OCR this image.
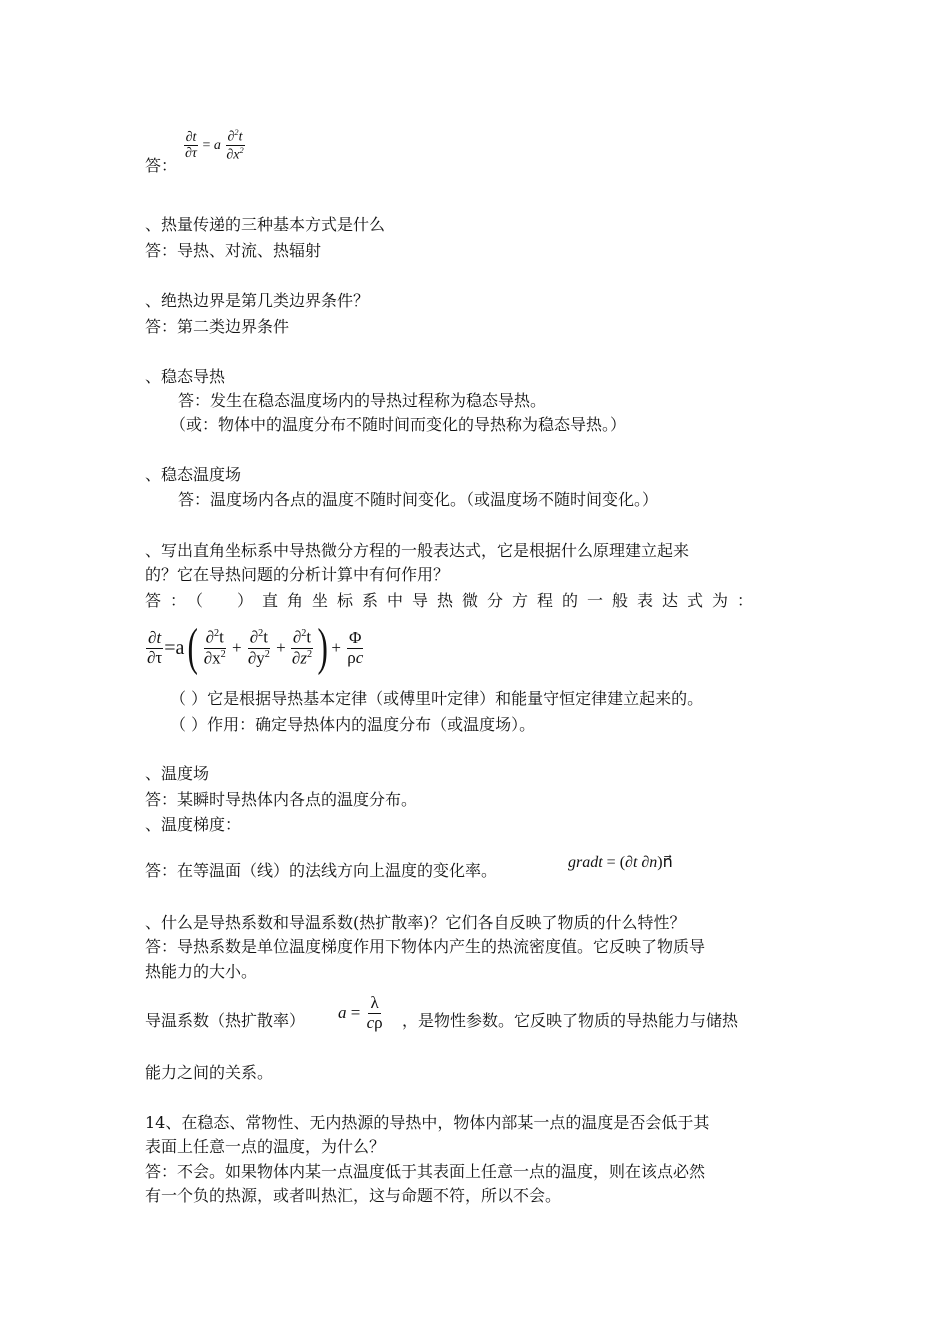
答：
$\frac{\partial t}{\partial\tau} = a \frac{\partial^2t}{\partial x^2}$
、热量传递的三种基本方式是什么
答：导热、对流、热辐射
、绝热边界是第几类边界条件？
答：第二类边界条件
、稳态导热
答：发生在稳态温度场内的导热过程称为稳态导热。
（或：物体中的温度分布不随时间而变化的导热称为稳态导热。）
、稳态温度场
答：温度场内各点的温度不随时间变化。（或温度场不随时间变化。）
、写出直角坐标系中导热微分方程的一般表达式，它是根据什么原理建立起来
的？它在导热问题的分析计算中有何作用？
答：（　）直角坐标系中导热微分方程的一般表达式为：
$\frac{\partial t}{\partial\tau} =a( \frac{\partial^2t}{\partial x^2} + \frac{\partial^2t}{\partial y^2} + \frac{\partial^2t}{\partial z^2}$ ) + $\frac{\Phi}{\rho c}$
（ ）它是根据导热基本定律（或傅里叶定律）和能量守恒定律建立起来的。
（ ）作用：确定导热体内的温度分布（或温度场）。
、温度场
答：某瞬时导热体内各点的温度分布。
、温度梯度：
答：在等温面（线）的法线方向上温度的变化率。	gradt = (∂t ∂n)n⃗
、什么是导热系数和导温系数(热扩散率)？它们各自反映了物质的什么特性？
答：导热系数是单位温度梯度作用下物体内产生的热流密度值。它反映了物质导
热能力的大小。
导温系数（热扩散率） $a = \frac{\lambda}{c\rho}$ ，是物性参数。它反映了物质的导热能力与储热
能力之间的关系。
14、在稳态、常物性、无内热源的导热中，物体内部某一点的温度是否会低于其
表面上任意一点的温度，为什么？
答：不会。如果物体内某一点温度低于其表面上任意一点的温度，则在该点必然
有一个负的热源，或者叫热汇，这与命题不符，所以不会。
